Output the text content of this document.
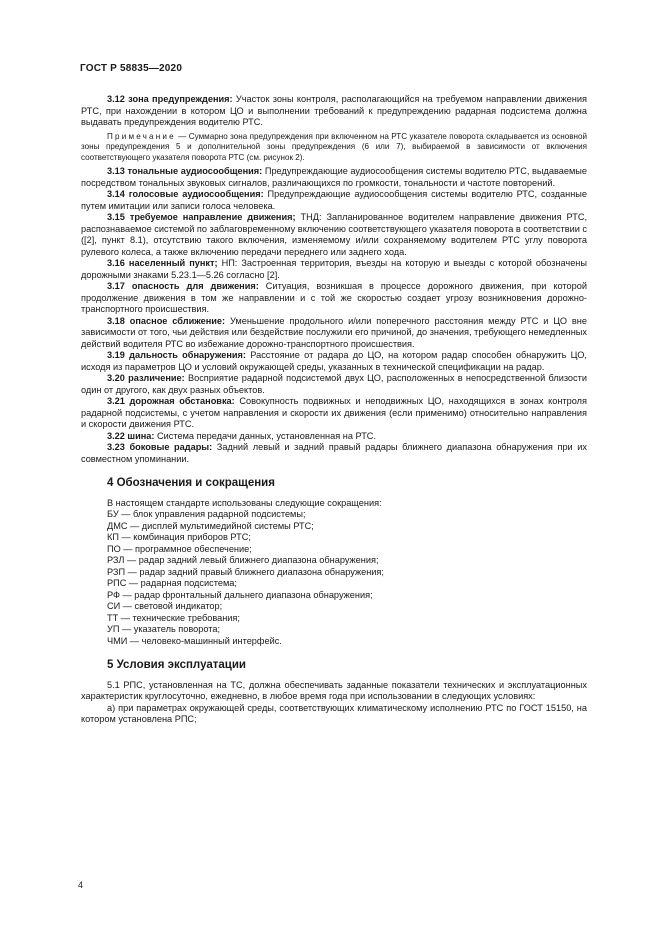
ГОСТ Р 58835—2020

3.12 зона предупреждения: Участок зоны контроля, располагающийся на требуемом направлении движения РТС, при нахождении в котором ЦО и выполнении требований к предупреждению радарная подсистема должна выдавать предупреждения водителю РТС.

Примечание — Суммарно зона предупреждения при включенном на РТС указателе поворота складывается из основной зоны предупреждения 5 и дополнительной зоны предупреждения (6 или 7), выбираемой в зависимости от включения соответствующего указателя поворота РТС (см. рисунок 2).

3.13 тональные аудиосообщения: Предупреждающие аудиосообщения системы водителю РТС, выдаваемые посредством тональных звуковых сигналов, различающихся по громкости, тональности и частоте повторений.

3.14 голосовые аудиосообщения: Предупреждающие аудиосообщения системы водителю РТС, созданные путем имитации или записи голоса человека.

3.15 требуемое направление движения; ТНД: Запланированное водителем направление движения РТС, распознаваемое системой по заблаговременному включению соответствующего указателя поворота в соответствии с ([2], пункт 8.1), отсутствию такого включения, изменяемому и/или сохраняемому водителем РТС углу поворота рулевого колеса, а также включению передачи переднего или заднего хода.

3.16 населенный пункт; НП: Застроенная территория, въезды на которую и выезды с которой обозначены дорожными знаками 5.23.1—5.26 согласно [2].

3.17 опасность для движения: Ситуация, возникшая в процессе дорожного движения, при которой продолжение движения в том же направлении и с той же скоростью создает угрозу возникновения дорожно-транспортного происшествия.

3.18 опасное сближение: Уменьшение продольного и/или поперечного расстояния между РТС и ЦО вне зависимости от того, чьи действия или бездействие послужили его причиной, до значения, требующего немедленных действий водителя РТС во избежание дорожно-транспортного происшествия.

3.19 дальность обнаружения: Расстояние от радара до ЦО, на котором радар способен обнаружить ЦО, исходя из параметров ЦО и условий окружающей среды, указанных в технической спецификации на радар.

3.20 различение: Восприятие радарной подсистемой двух ЦО, расположенных в непосредственной близости один от другого, как двух разных объектов.

3.21 дорожная обстановка: Совокупность подвижных и неподвижных ЦО, находящихся в зонах контроля радарной подсистемы, с учетом направления и скорости их движения (если применимо) относительно направления и скорости движения РТС.

3.22 шина: Система передачи данных, установленная на РТС.

3.23 боковые радары: Задний левый и задний правый радары ближнего диапазона обнаружения при их совместном упоминании.

4 Обозначения и сокращения

В настоящем стандарте использованы следующие сокращения:

БУ — блок управления радарной подсистемы;

ДМС — дисплей мультимедийной системы РТС;

КП — комбинация приборов РТС;

ПО — программное обеспечение;

РЗЛ — радар задний левый ближнего диапазона обнаружения;

РЗП — радар задний правый ближнего диапазона обнаружения;

РПС — радарная подсистема;

РФ — радар фронтальный дальнего диапазона обнаружения;

СИ — световой индикатор;

ТТ — технические требования;

УП — указатель поворота;

ЧМИ — человеко-машинный интерфейс.

5 Условия эксплуатации

5.1 РПС, установленная на ТС, должна обеспечивать заданные показатели технических и эксплуатационных характеристик круглосуточно, ежедневно, в любое время года при использовании в следующих условиях:

а) при параметрах окружающей среды, соответствующих климатическому исполнению РТС по ГОСТ 15150, на котором установлена РПС;

4
